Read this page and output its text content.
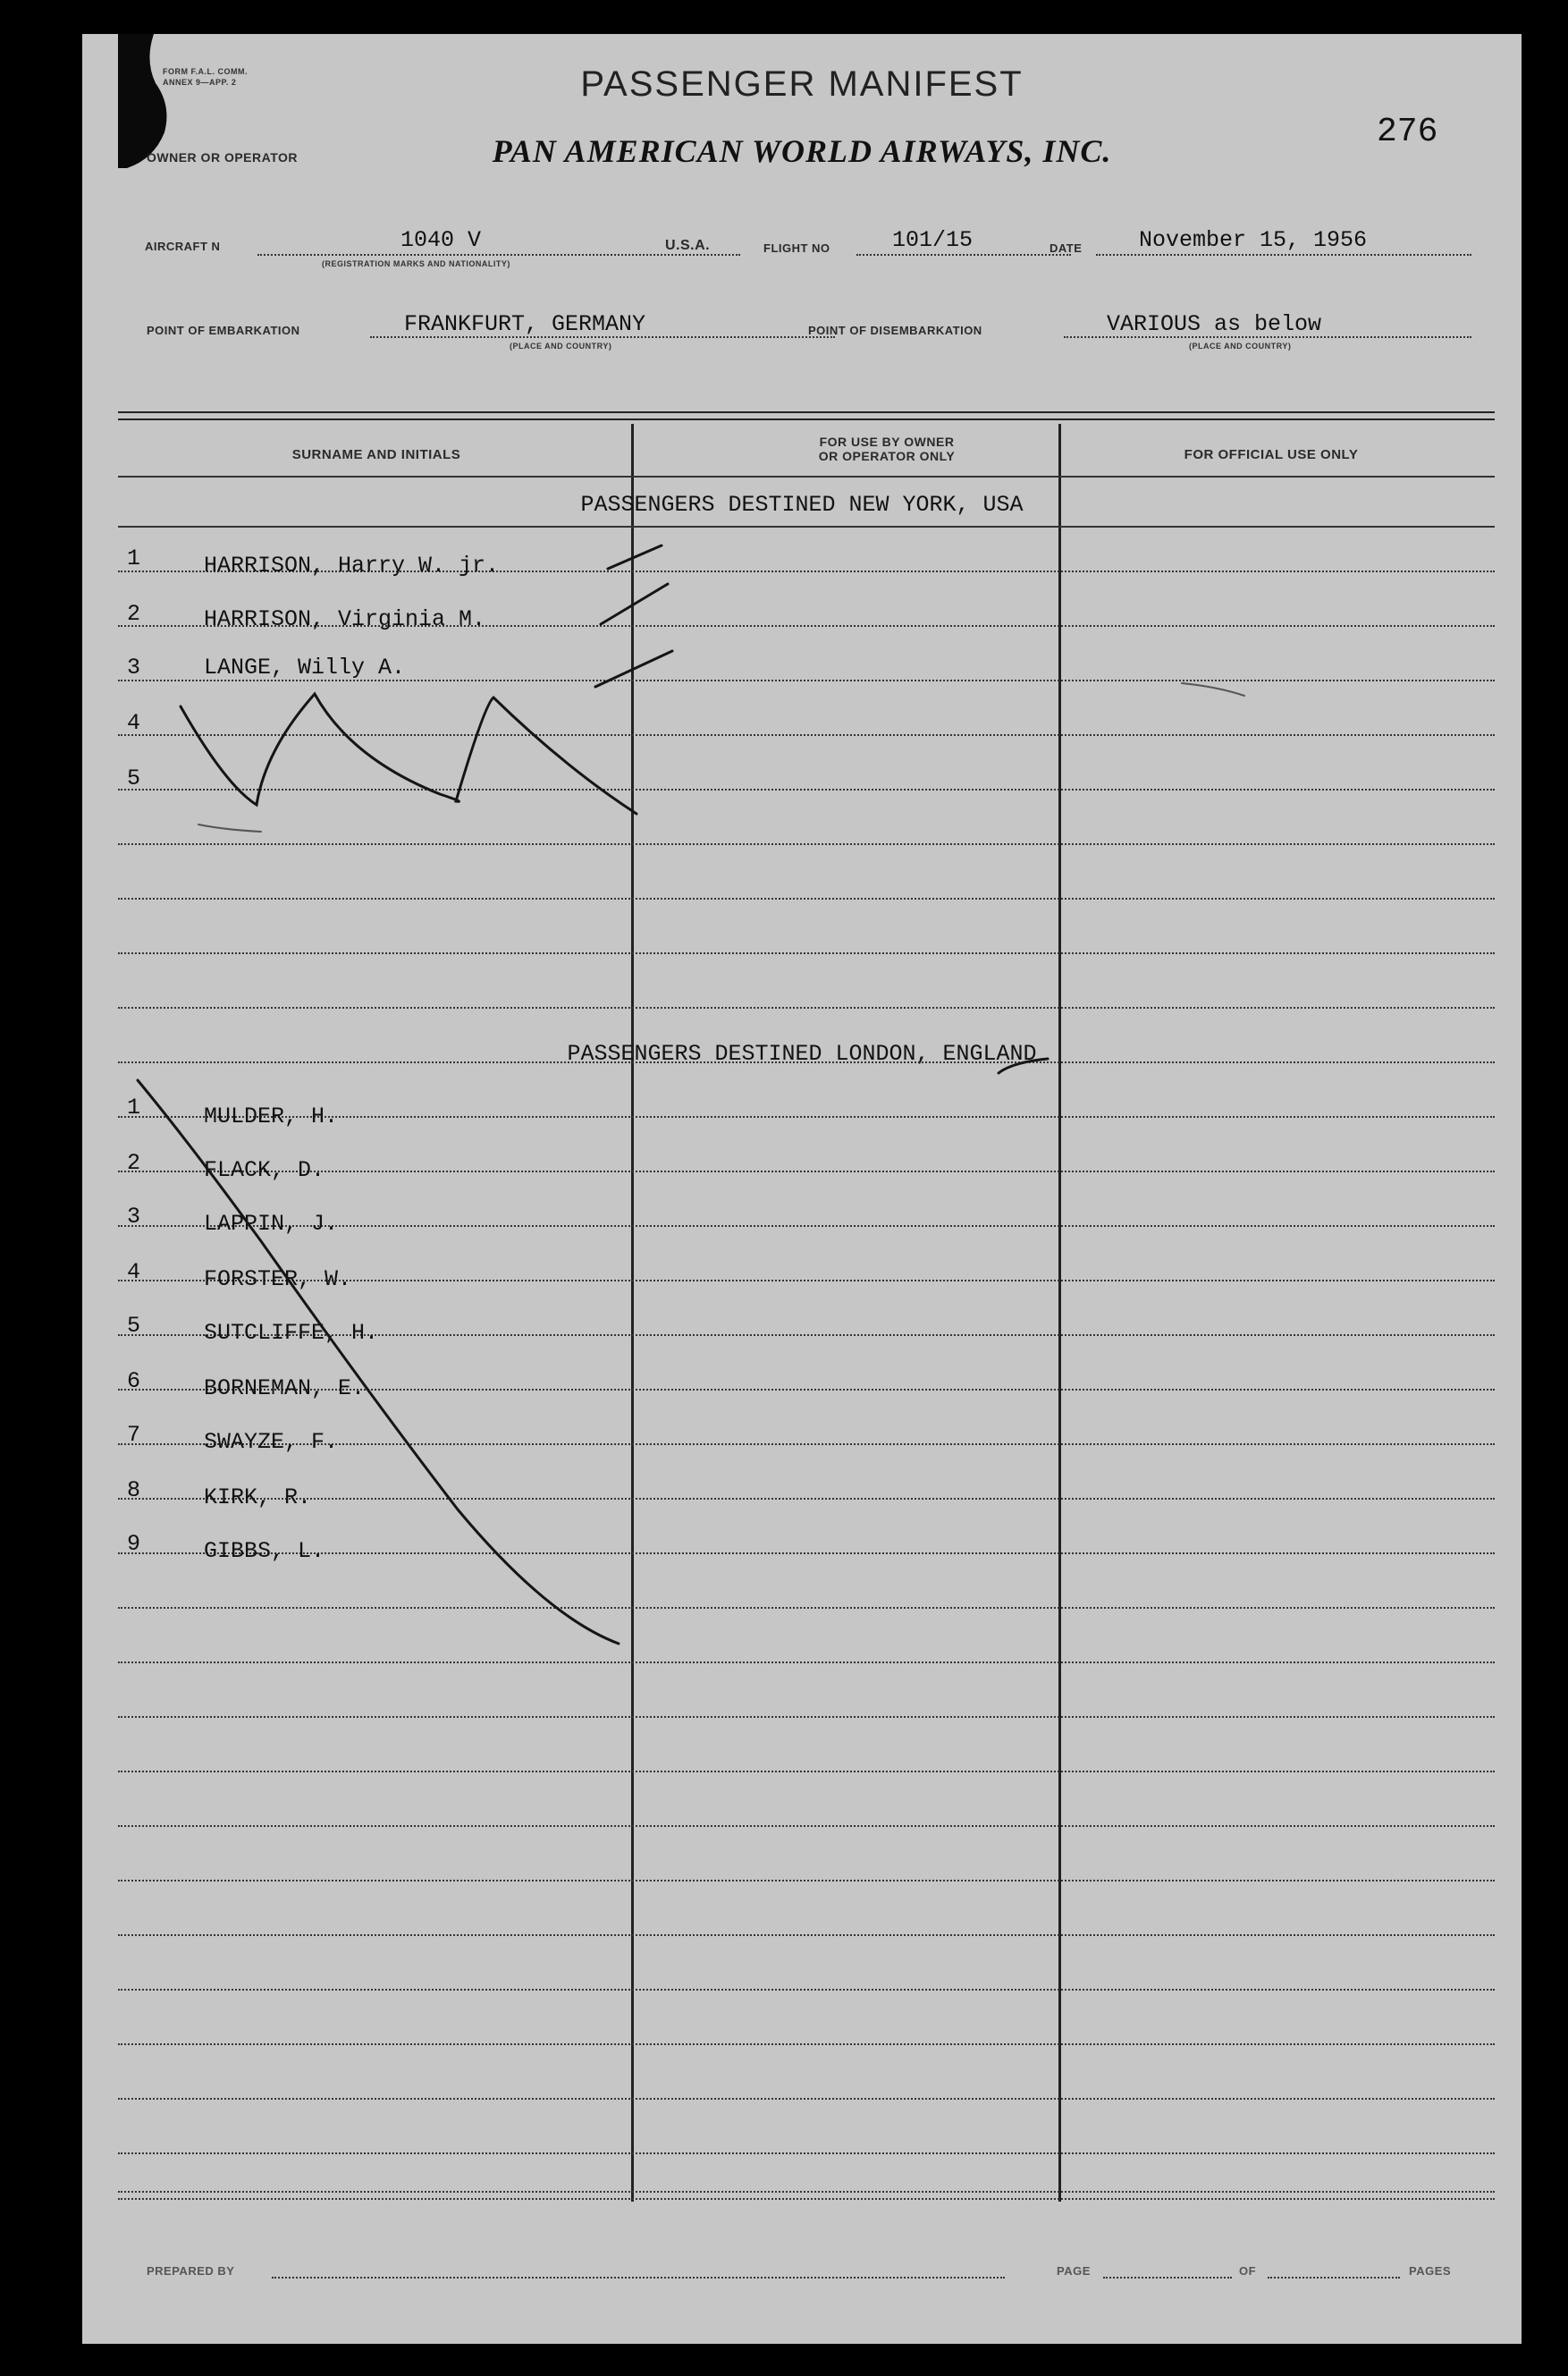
FORM F.A.L. COMM.
ANNEX 9—APP. 2
OWNER OR OPERATOR
PASSENGER MANIFEST
PAN AMERICAN WORLD AIRWAYS, INC.	276
AIRCRAFT N	1040 V
(REGISTRATION MARKS AND NATIONALITY)
U.S.A.	FLIGHT NO	101/15	DATE	November 15, 1956
POINT OF EMBARKATION	FRANKFURT, GERMANY
(PLACE AND COUNTRY)
POINT OF DISEMBARKATION	VARIOUS as below
(PLACE AND COUNTRY)
SURNAME AND INITIALS
FOR USE BY OWNER
OR OPERATOR ONLY	FOR OFFICIAL USE ONLY
PASSENGERS DESTINED NEW YORK, USA
1	HARRISON, Harry W. jr.
2	HARRISON, Virginia M.
3	LANGE, Willy A.
4
5
PASSENGERS DESTINED LONDON, ENGLAND
1	MULDER, H.
2	FLACK, D.
3	LAPPIN, J.
4	FORSTER, W.
5	SUTCLIFFE, H.
6	BORNEMAN, E.
7	SWAYZE, F.
8	KIRK, R.
9	GIBBS, L.
PREPARED BY	PAGE	OF	PAGES
